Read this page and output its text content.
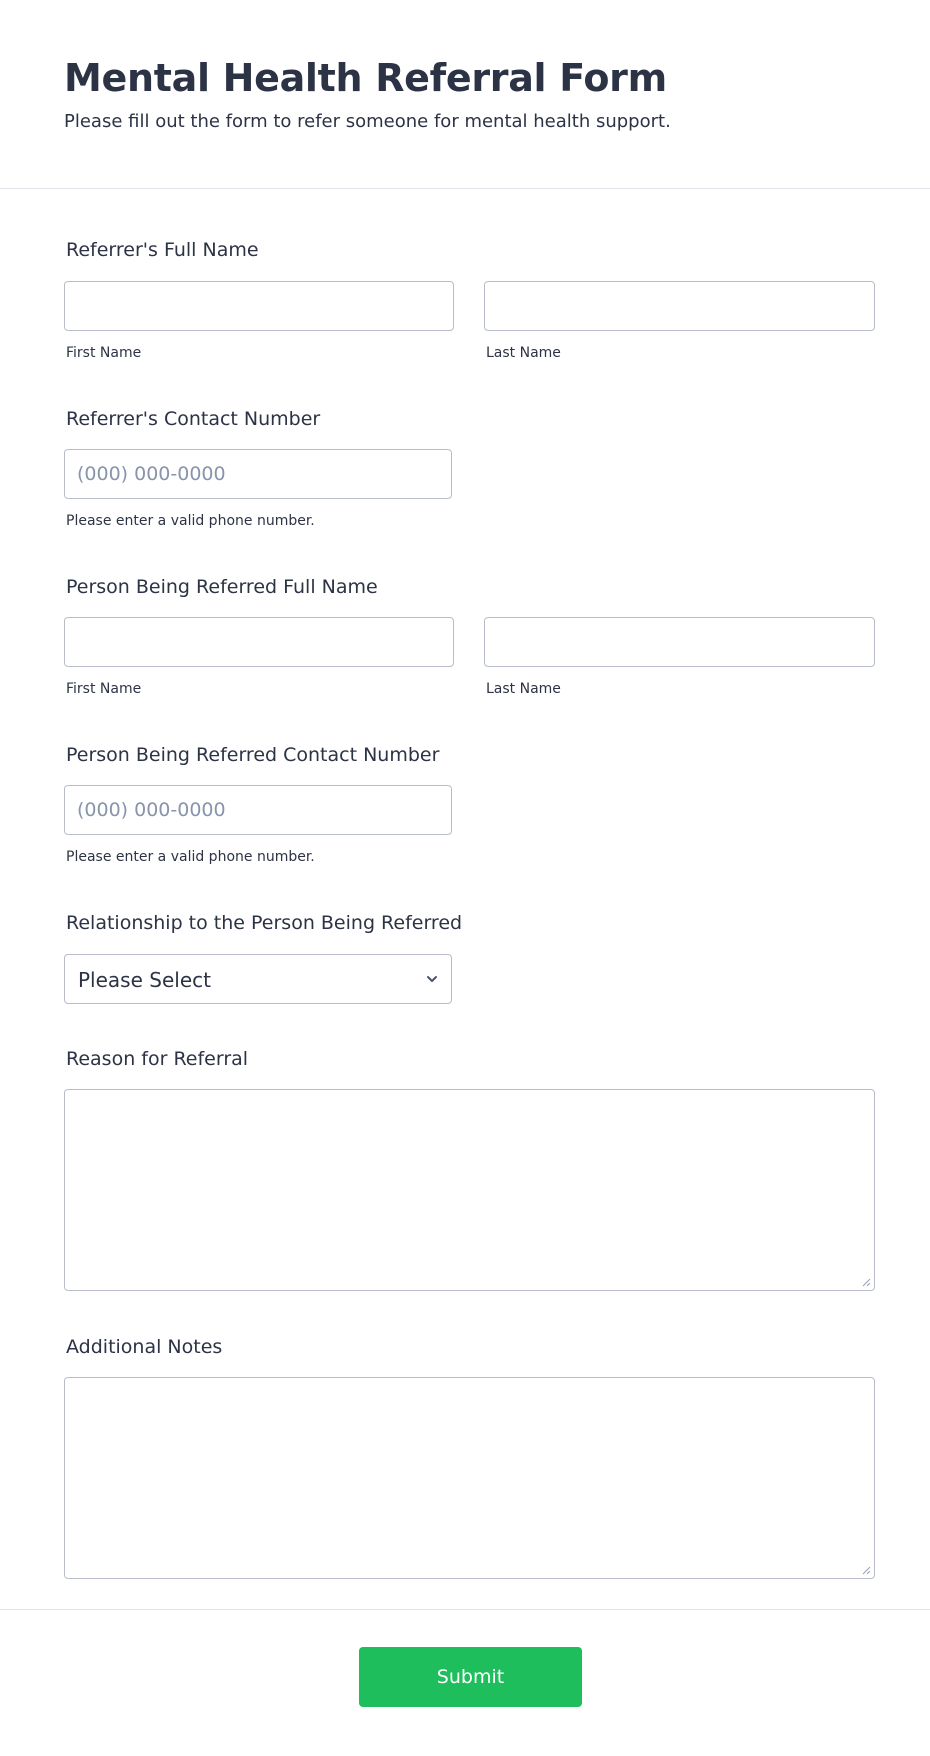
Mental Health Referral Form
Please fill out the form to refer someone for mental health support.
Referrer's Full Name
First Name	Last Name
Referrer's Contact Number
(000) 000-0000
Please enter a valid phone number.
Person Being Referred Full Name
First Name	Last Name
Person Being Referred Contact Number
(000) 000-0000
Please enter a valid phone number.
Relationship to the Person Being Referred
Please Select
Reason for Referral
Additional Notes
Submit
